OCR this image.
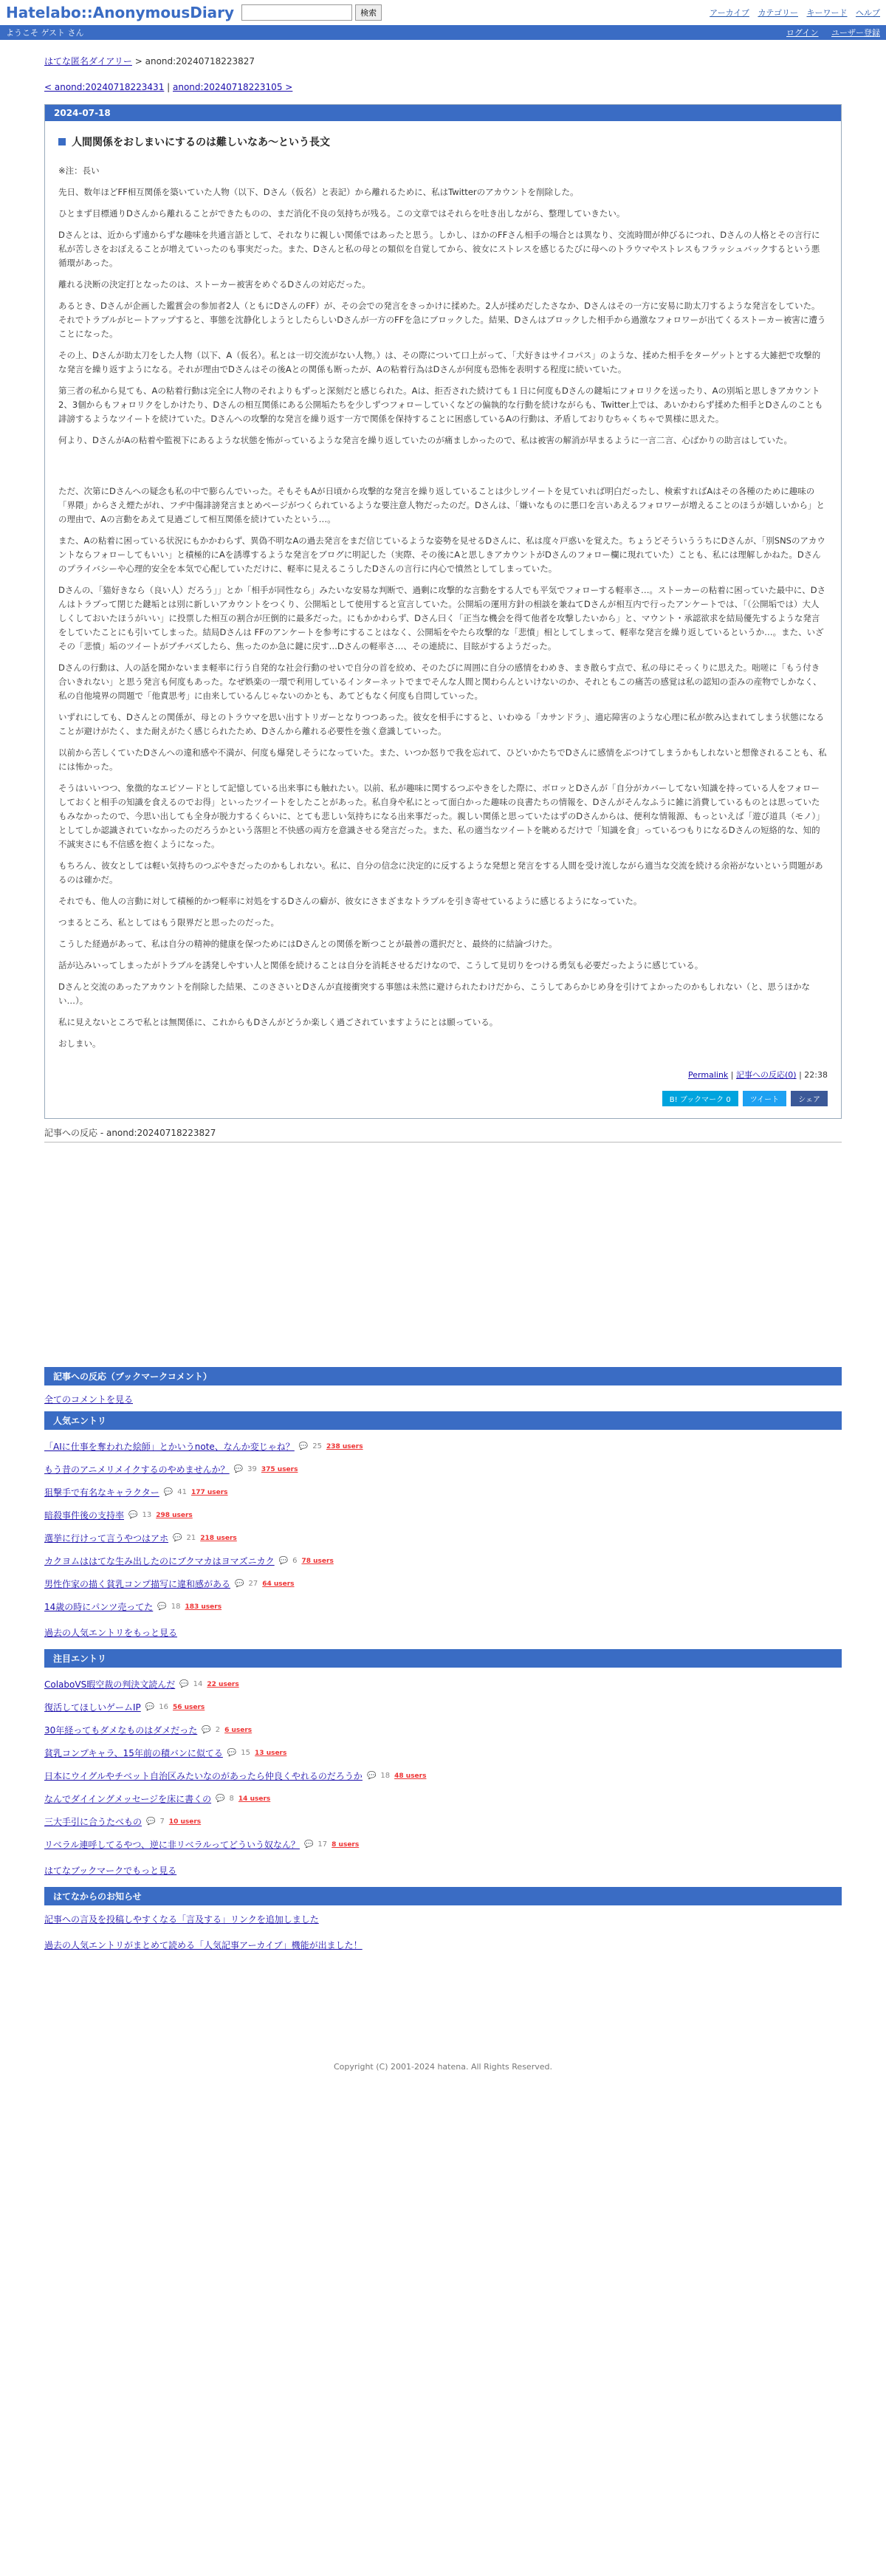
Hatelabo::AnonymousDiary	検索	アーカイブ カテゴリー キーワード ヘルプ
ようこそ ゲスト さん	ログイン ユーザー登録
はてな匿名ダイアリー > anond:20240718223827
< anond:20240718223431 | anond:20240718223105 >
2024-07-18
人間関係をおしまいにするのは難しいなあ～という長文

※注：長い

先日、数年ほどFF相互関係を築いていた人物（以下、Dさん（仮名）と表記）から離れるために、私はTwitterのアカウントを削除した。

ひとまず目標通りDさんから離れることができたものの、まだ消化不良の気持ちが残る。この文章ではそれらを吐き出しながら、整理していきたい。

Dさんとは、近からず遠からずな趣味を共通言語として、それなりに親しい関係ではあったと思う。しかし、ほかのFFさん相手の場合とは異なり、交流時間が伸びるにつれ、Dさんの人格とその言行に私が苦しさをおぼえることが増えていったのも事実だった。また、Dさんと私の母との類似を自覚してから、彼女にストレスを感じるたびに母へのトラウマやストレスもフラッシュバックするという悪循環があった。

離れる決断の決定打となったのは、ストーカー被害をめぐるDさんの対応だった。

あるとき、Dさんが企画した鑑賞会の参加者2人（ともにDさんのFF）が、その会での発言をきっかけに揉めた。2人が揉めだしたさなか、Dさんはその一方に安易に助太刀するような発言をしていた。それでトラブルがヒートアップすると、事態を沈静化しようとしたらしいDさんが一方のFFを急にブロックした。結果、Dさんはブロックした相手から過激なフォロワーが出てくるストーカー被害に遭うことになった。

その上、Dさんが助太刀をした人物（以下、A（仮名）。私とは一切交流がない人物。）は、その際について口上がって、「犬好きはサイコパス」のような、揉めた相手をターゲットとする大雑把で攻撃的な発言を繰り返すようになる。それが理由でDさんはその後Aとの関係も断ったが、Aの粘着行為はDさんが何度も恐怖を表明する程度に続いていた。

第三者の私から見ても、Aの粘着行動は完全に人物のそれよりもずっと深刻だと感じられた。Aは、拒否された続けても１日に何度もDさんの鍵垢にフォロリクを送ったり、Aの別垢と思しきアカウント2、3個からもフォロリクをしかけたり、Dさんの相互関係にある公開垢たちを少しずつフォローしていくなどの偏執的な行動を続けながらも、Twitter上では、あいかわらず揉めた相手とDさんのことも誹謗するようなツイートを続けていた。Dさんへの攻撃的な発言を繰り返す一方で関係を保持することに困惑しているAの行動は、矛盾しておりむちゃくちゃで異様に思えた。

何より、DさんがAの粘着や監視下にあるような状態を怖がっているような発言を繰り返していたのが痛ましかったので、私は被害の解消が早まるように一言二言、心ばかりの助言はしていた。

ただ、次第にDさんへの疑念も私の中で膨らんでいった。そもそもAが日頃から攻撃的な発言を繰り返していることは少しツイートを見ていれば明白だったし、検索すればAはその各種のために趣味の「界隈」からさえ煙たがれ、フヂ中傷誹謗発言まとめページがつくられているような要注意人物だったのだ。Dさんは、「嫌いなものに悪口を言いあえるフォロワーが増えることのほうが嬉しいから」との理由で、Aの言動をあえて見過ごして相互関係を続けていたという…。

また、Aの粘着に困っている状況にもかかわらず、異偽不明なAの過去発言をまだ信じているような姿勢を見せるDさんに、私は度々戸惑いを覚えた。ちょうどそういううちにDさんが、「別SNSのアカウントならフォローしてもいい」と積極的にAを誘導するような発言をブログに明記した（実際、その後にAと思しきアカウントがDさんのフォロー欄に現れていた）ことも、私には理解しかねた。Dさんのプライバシーや心理的安全を本気で心配していただけに、軽率に見えるこうしたDさんの言行に内心で憤然としてしまっていた。

Dさんの、「猫好きなら（良い人）だろう」」とか「相手が同性なら」みたいな安易な判断で、過剰に攻撃的な言動をする人でも平気でフォローする軽率さ…。ストーカーの粘着に困っていた最中に、Dさんはトラブって閉じた鍵垢とは別に新しいアカウントをつくり、公開垢として使用すると宣言していた。公開垢の運用方針の相談を兼ねてDさんが相互内で行ったアンケートでは、「（公開垢では）大人しくしておいたほうがいい」に投票した相互の割合が圧倒的に最多だった。にもかかわらず、Dさん曰く「正当な機会を得て他者を攻撃したいから」と、マウント・承認欲求を結局優先するような発言をしていたことにも引いてしまった。結局Dさんは FFのアンケートを参考にすることはなく、公開垢をやたら攻撃的な「悲憤」相としてしまって、軽率な発言を繰り返しているというか…。また、いざその「悲憤」垢のツイートがプチバズしたら、焦ったのか急に鍵に戻す…Dさんの軽率さ…、その連続に、目眩がするようだった。

Dさんの行動は、人の話を聞かないまま軽率に行う自発的な社会行動のせいで自分の首を絞め、そのたびに周囲に自分の感情をわめき、まき散らす点で、私の母にそっくりに思えた。咄嗟に「もう付き合いきれない」と思う発言も何度もあった。なぜ娯楽の一環で利用しているインターネットでまでそんな人間と関わらんといけないのか、それともこの痛苦の感覚は私の認知の歪みの産物でしかなく、私の自他境界の問題で「他責思考」に由来しているんじゃないのかとも、あてどもなく何度も自問していった。

いずれにしても、Dさんとの関係が、母とのトラウマを思い出すトリガーとなりつつあった。彼女を相手にすると、いわゆる「カサンドラ」、適応障害のような心理に私が飲み込まれてしまう状態になることが避けがたく、また耐えがたく感じられたため、Dさんから離れる必要性を強く意識していった。

以前から苦しくていたDさんへの違和感や不満が、何度も爆発しそうになっていた。また、いつか怒りで我を忘れて、ひどいかたちでDさんに感情をぶつけてしまうかもしれないと想像されることも、私には怖かった。

そうはいいつつ、象徴的なエピソードとして記憶している出来事にも触れたい。以前、私が趣味に関するつぶやきをした際に、ボロッとDさんが「自分がカバーしてない知識を持っている人をフォローしておくと相手の知識を食えるのでお得」といったツイートをしたことがあった。私自身や私にとって面白かった趣味の良書たちの情報を、Dさんがそんなふうに雑に消費しているものとは思っていたもみなかったので、今思い出しても全身が脱力するくらいに、とても悲しい気持ちになる出来事だった。親しい関係と思っていたはずのDさんからは、便利な情報源、もっといえば「遊び道具（モノ）」としてしか認識されていなかったのだろうかという落胆と不快感の両方を意識させる発言だった。また、私の適当なツイートを眺めるだけで「知識を食」っているつもりになるDさんの短絡的な、知的不誠実さにも不信感を抱くようになった。

もちろん、彼女としては軽い気持ちのつぶやきだったのかもしれない。私に、自分の信念に決定的に反するような発想と発言をする人間を受け流しながら適当な交流を続ける余裕がないという問題があるのは確かだ。

それでも、他人の言動に対して積極的かつ軽率に対処をするDさんの癖が、彼女にさまざまなトラブルを引き寄せているように感じるようになっていた。

つまるところ、私としてはもう限界だと思ったのだった。

こうした経過があって、私は自分の精神的健康を保つためにはDさんとの関係を断つことが最善の選択だと、最終的に結論づけた。

話が込みいってしまったがトラブルを誘発しやすい人と関係を続けることは自分を消耗させるだけなので、こうして見切りをつける勇気も必要だったように感じている。

Dさんと交流のあったアカウントを削除した結果、このささいとDさんが直接衝突する事態は未然に避けられたわけだから、こうしてあらかじめ身を引けてよかったのかもしれない（と、思うほかない…）。

私に見えないところで私とは無関係に、これからもDさんがどうか楽しく過ごされていますようにとは願っている。

おしまい。

Permalink | 記事への反応(0) | 22:38
B! ブックマーク 0	ツイート	シェア
記事への反応 - anond:20240718223827
記事への反応（ブックマークコメント）
全てのコメントを見る
人気エントリ
「AIに仕事を奪われた絵師」とかいうnote、なんか変じゃね？ 💬 25 238 users
もう昔のアニメリメイクするのやめませんか？ 💬 39 375 users
狙撃手で有名なキャラクター 💬 41 177 users
暗殺事件後の支持率 💬 13 298 users
選挙に行けって言うやつはアホ 💬 21 218 users
カクヨムははてな生み出したのにブクマカはヨマズニカク 💬 6 78 users
男性作家の描く貧乳コンプ描写に違和感がある 💬 27 64 users
14歳の時にパンツ売ってた 💬 18 183 users
過去の人気エントリをもっと見る
注目エントリ
ColaboVS暇空裁の判決文読んだ 💬 14 22 users
復活してほしいゲームIP 💬 16 56 users
30年経ってもダメなものはダメだった 💬 2 6 users
貧乳コンプキャラ、15年前の積バンに似てる 💬 15 13 users
日本にウイグルやチベット自治区みたいなのがあったら仲良くやれるのだろうか 💬 18 48 users
なんでダイイングメッセージを床に書くの 💬 8 14 users
三大手引に合うたべもの 💬 7 10 users
リベラル連呼してるやつ、逆に非リベラルってどういう奴なん？ 💬 17 8 users
はてなブックマークでもっと見る
はてなからのお知らせ
記事への言及を投稿しやすくなる「言及する」リンクを追加しました
過去の人気エントリがまとめて読める「人気記事アーカイブ」機能が出ました！
Copyright (C) 2001-2024 hatena. All Rights Reserved.
